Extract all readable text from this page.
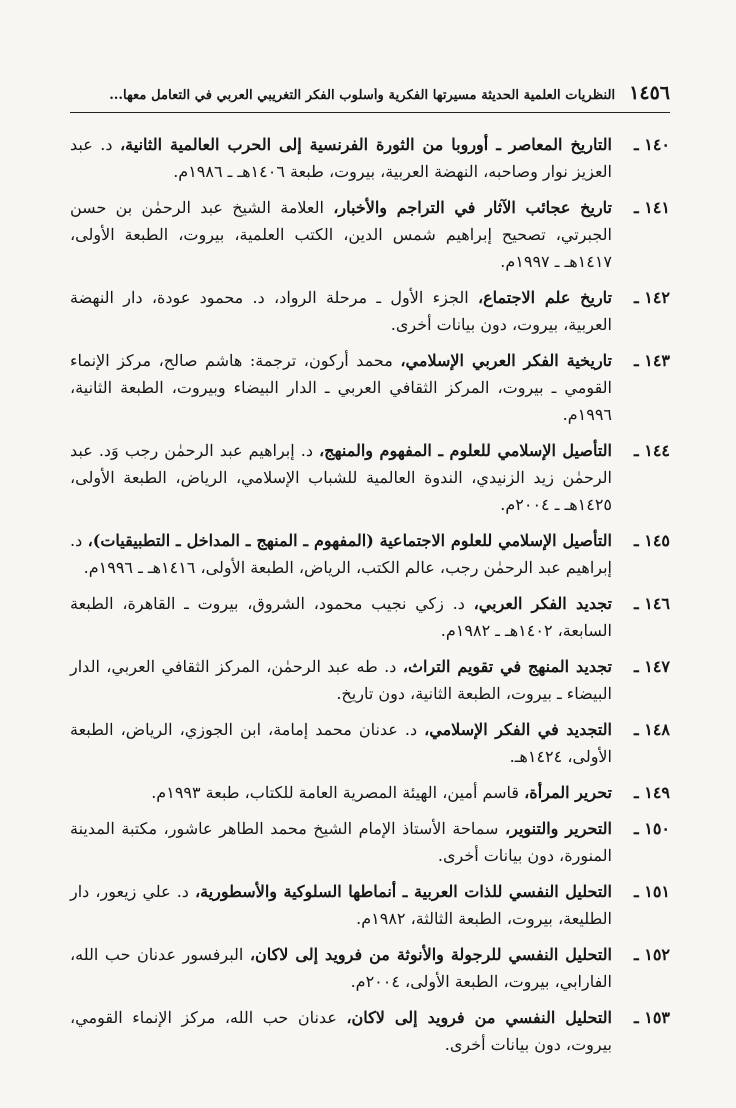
١٤٥٦
النظريات العلمية الحديثة مسيرتها الفكرية وأسلوب الفكر التغريبي العربي في التعامل معها...
١٤٠ ـ
التاريخ المعاصر ـ أوروبا من الثورة الفرنسية إلى الحرب العالمية الثانية، د. عبد العزيز نوار وصاحبه، النهضة العربية، بيروت، طبعة ١٤٠٦هـ ـ ١٩٨٦م.
١٤١ ـ
تاريخ عجائب الآثار في التراجم والأخبار، العلامة الشيخ عبد الرحمٰن بن حسن الجبرتي، تصحيح إبراهيم شمس الدين، الكتب العلمية، بيروت، الطبعة الأولى، ١٤١٧هـ ـ ١٩٩٧م.
١٤٢ ـ
تاريخ علم الاجتماع، الجزء الأول ـ مرحلة الرواد، د. محمود عودة، دار النهضة العربية، بيروت، دون بيانات أخرى.
١٤٣ ـ
تاريخية الفكر العربي الإسلامي، محمد أركون، ترجمة: هاشم صالح، مركز الإنماء القومي ـ بيروت، المركز الثقافي العربي ـ الدار البيضاء وبيروت، الطبعة الثانية، ١٩٩٦م.
١٤٤ ـ
التأصيل الإسلامي للعلوم ـ المفهوم والمنهج، د. إبراهيم عبد الرحمٰن رجب وَد. عبد الرحمٰن زيد الزنيدي، الندوة العالمية للشباب الإسلامي، الرياض، الطبعة الأولى، ١٤٢٥هـ ـ ٢٠٠٤م.
١٤٥ ـ
التأصيل الإسلامي للعلوم الاجتماعية (المفهوم ـ المنهج ـ المداخل ـ التطبيقيات)، د. إبراهيم عبد الرحمٰن رجب، عالم الكتب، الرياض، الطبعة الأولى، ١٤١٦هـ ـ ١٩٩٦م.
١٤٦ ـ
تجديد الفكر العربي، د. زكي نجيب محمود، الشروق، بيروت ـ القاهرة، الطبعة السابعة، ١٤٠٢هـ ـ ١٩٨٢م.
١٤٧ ـ
تجديد المنهج في تقويم التراث، د. طه عبد الرحمٰن، المركز الثقافي العربي، الدار البيضاء ـ بيروت، الطبعة الثانية، دون تاريخ.
١٤٨ ـ
التجديد في الفكر الإسلامي، د. عدنان محمد إمامة، ابن الجوزي، الرياض، الطبعة الأولى، ١٤٢٤هـ.
١٤٩ ـ
تحرير المرأة، قاسم أمين، الهيئة المصرية العامة للكتاب، طبعة ١٩٩٣م.
١٥٠ ـ
التحرير والتنوير، سماحة الأستاذ الإمام الشيخ محمد الطاهر عاشور، مكتبة المدينة المنورة، دون بيانات أخرى.
١٥١ ـ
التحليل النفسي للذات العربية ـ أنماطها السلوكية والأسطورية، د. علي زيعور، دار الطليعة، بيروت، الطبعة الثالثة، ١٩٨٢م.
١٥٢ ـ
التحليل النفسي للرجولة والأنوثة من فرويد إلى لاكان، البرفسور عدنان حب الله، الفارابي، بيروت، الطبعة الأولى، ٢٠٠٤م.
١٥٣ ـ
التحليل النفسي من فرويد إلى لاكان، عدنان حب الله، مركز الإنماء القومي، بيروت، دون بيانات أخرى.
